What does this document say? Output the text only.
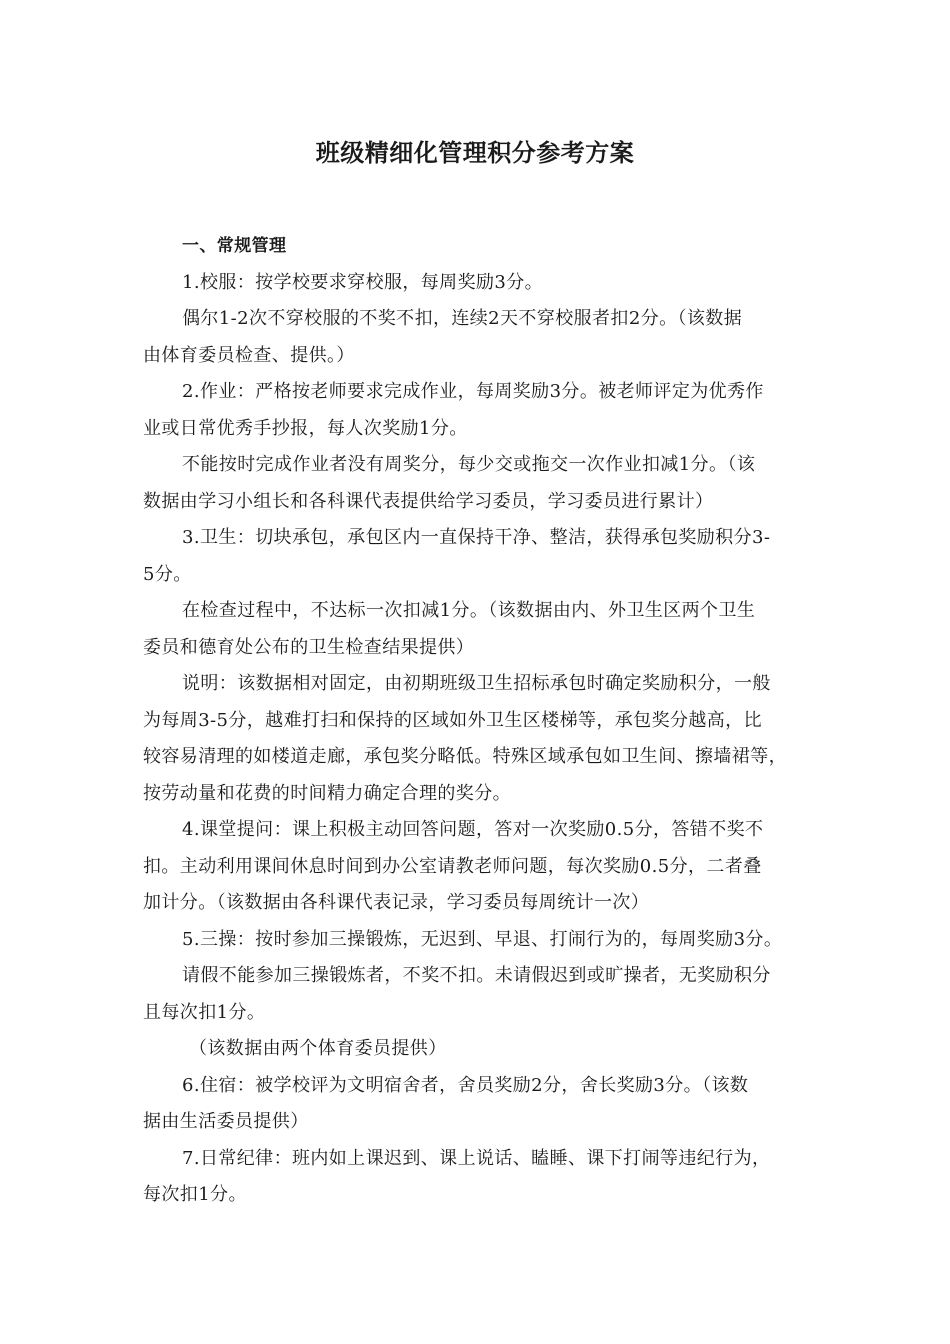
班级精细化管理积分参考方案
一、常规管理
1.校服：按学校要求穿校服，每周奖励3分。
偶尔1-2次不穿校服的不奖不扣，连续2天不穿校服者扣2分。（该数据
由体育委员检查、提供。）
2.作业：严格按老师要求完成作业，每周奖励3分。被老师评定为优秀作
业或日常优秀手抄报，每人次奖励1分。
不能按时完成作业者没有周奖分，每少交或拖交一次作业扣减1分。（该
数据由学习小组长和各科课代表提供给学习委员，学习委员进行累计）
3.卫生：切块承包，承包区内一直保持干净、整洁，获得承包奖励积分3-
5分。
在检查过程中，不达标一次扣减1分。（该数据由内、外卫生区两个卫生
委员和德育处公布的卫生检查结果提供）
说明：该数据相对固定，由初期班级卫生招标承包时确定奖励积分，一般
为每周3-5分，越难打扫和保持的区域如外卫生区楼梯等，承包奖分越高，比
较容易清理的如楼道走廊，承包奖分略低。特殊区域承包如卫生间、擦墙裙等，
按劳动量和花费的时间精力确定合理的奖分。
4.课堂提问：课上积极主动回答问题，答对一次奖励0.5分，答错不奖不
扣。主动利用课间休息时间到办公室请教老师问题，每次奖励0.5分，二者叠
加计分。（该数据由各科课代表记录，学习委员每周统计一次）
5.三操：按时参加三操锻炼，无迟到、早退、打闹行为的，每周奖励3分。
请假不能参加三操锻炼者，不奖不扣。未请假迟到或旷操者，无奖励积分
且每次扣1分。
（该数据由两个体育委员提供）
6.住宿：被学校评为文明宿舍者，舍员奖励2分，舍长奖励3分。（该数
据由生活委员提供）
7.日常纪律：班内如上课迟到、课上说话、瞌睡、课下打闹等违纪行为，
每次扣1分。
